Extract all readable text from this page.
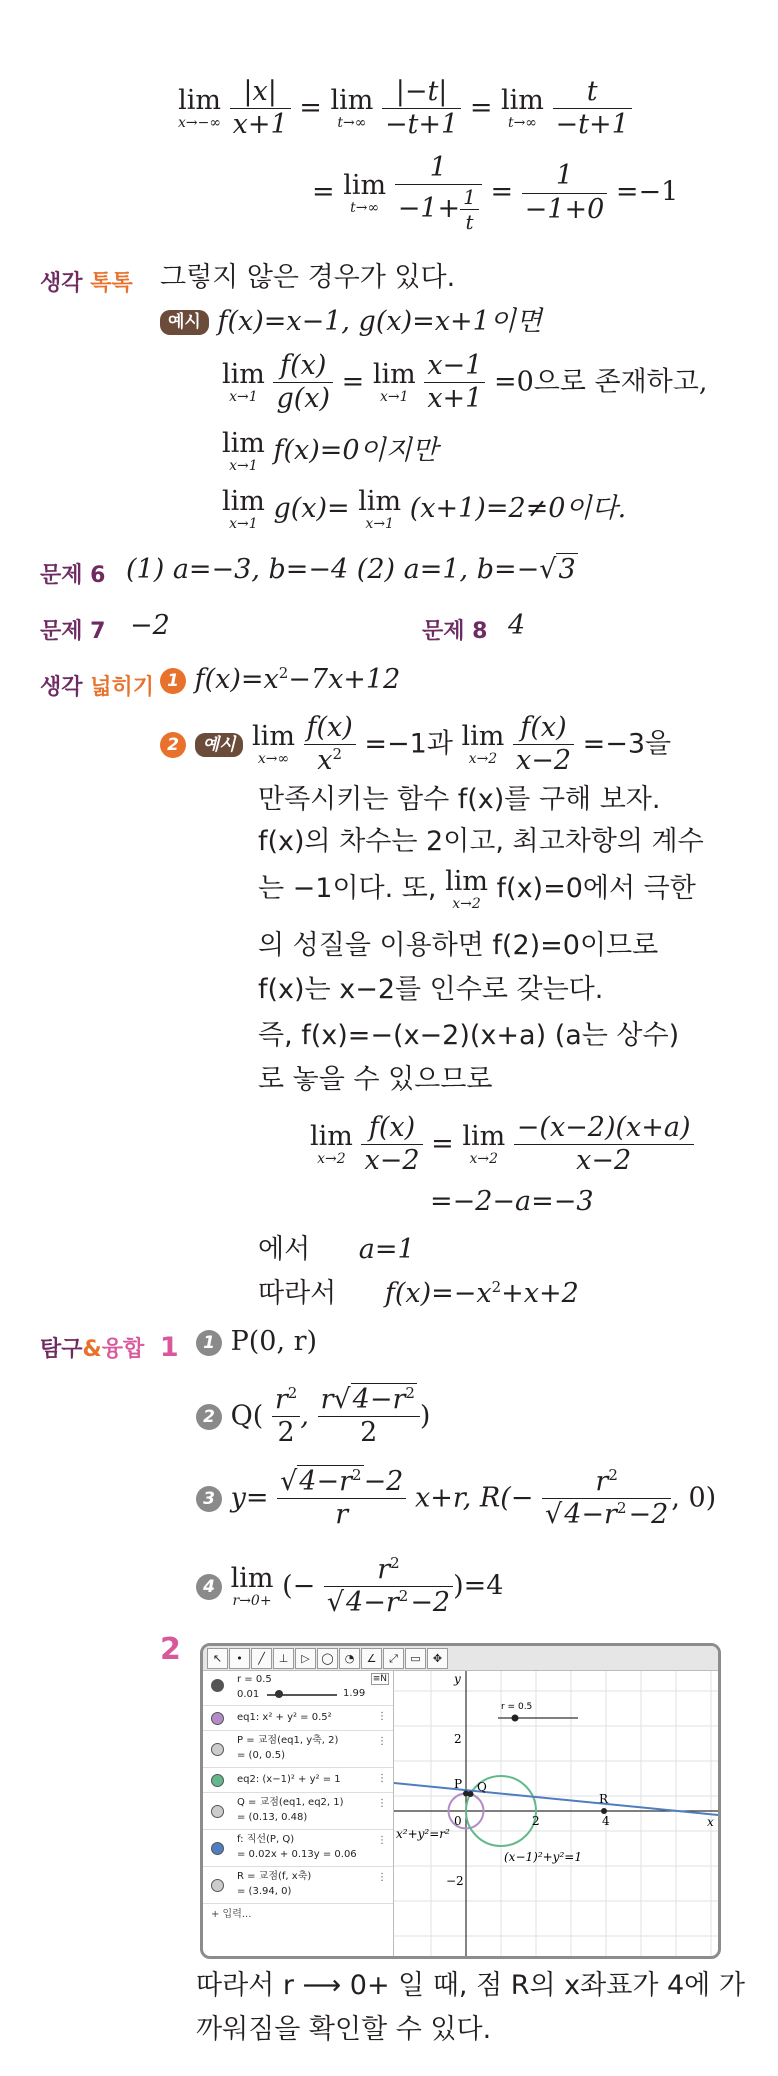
lim
x→−∞
$\frac{|x|}{x+1} = \lim$
t→∞
$\frac{|-t|}{-t+1} = \lim$
t→∞
$\frac{t}{-t+1}$
= lim
t→∞
$\frac{1}{-1+ \frac{1}{t}} = \frac{1}{-1+0} =-1$
생각 톡톡 그렇지 않은 경우가 있다.
예시 f(x)=x−1, g(x)=x+1이면
lim
x→1
$\frac{f(x)}{g(x)} = \lim$
x→1
$\frac{x-1}{x+1} =0$으로 존재하고,
lim
x→1 f(x)=0이지만
lim
x→1 g(x)= lim
x→1 (x+1)=2≠0이다.
문제 6 (1) a=−3, b=−4 (2) a=1, b=−√3
문제 7 −2	문제 8 4
생각 넓히기 1 $f(x)=x^2-7x+12$
2 예시 lim
x→∞
$\frac{f(x)}{x^2} =-1$과 lim
x→2
$\frac{f(x)}{x-2} =-3$을
만족시키는 함수 f(x)를 구해 보자.
f(x)의 차수는 2이고, 최고차항의 계수
는 −1이다. 또, lim
x→2 f(x)=0에서 극한
의 성질을 이용하면 f(2)=0이므로
f(x)는 x−2를 인수로 갖는다.
즉, f(x)=−(x−2)(x+a) (a는 상수)
로 놓을 수 있으므로
lim
x→2
$\frac{f(x)}{x-2} = \lim$
x→2
$\frac{-(x-2)(x+a)}{x-2}$
=−2−a=−3
에서 a=1
따라서 $f(x)=-x^2+x+2$
탐구&융합 1	1 P(0, r)
2 $Q( \frac{r^2}{2}$ , $\frac{r√4-r^2}{2}$ )
3 $y= \frac{√4-r^2-2}{r} x+r$, $R(- \frac{r^2}{√4-r^2-2}$ , 0)
4 lim
r→0+ (− $\frac{r^2}{√4-r^2-2} )=4$
2	↖	•	╱	⊥	▷	◯	◔	∠	⤢	▭	✥
r = 0.5
0.01	1.99
≡N
eq1: x² + y² = 0.5²	⋮
P = 교점(eq1, y축, 2)
= (0, 0.5)
⋮
eq2: (x−1)² + y² = 1	⋮
Q = 교점(eq1, eq2, 1)
= (0.13, 0.48)
⋮
f: 직선(P, Q)
= 0.02x + 0.13y = 0.06
⋮
R = 교점(f, x축)
= (3.94, 0)
⋮
+ 입력...
r = 0.5
y
x
2
−2
0	2	4
P Q
R
x²+y²=r²
(x−1)²+y²=1
따라서 r ⟶ 0+ 일 때, 점 R의 x좌표가 4에 가
까워짐을 확인할 수 있다.
